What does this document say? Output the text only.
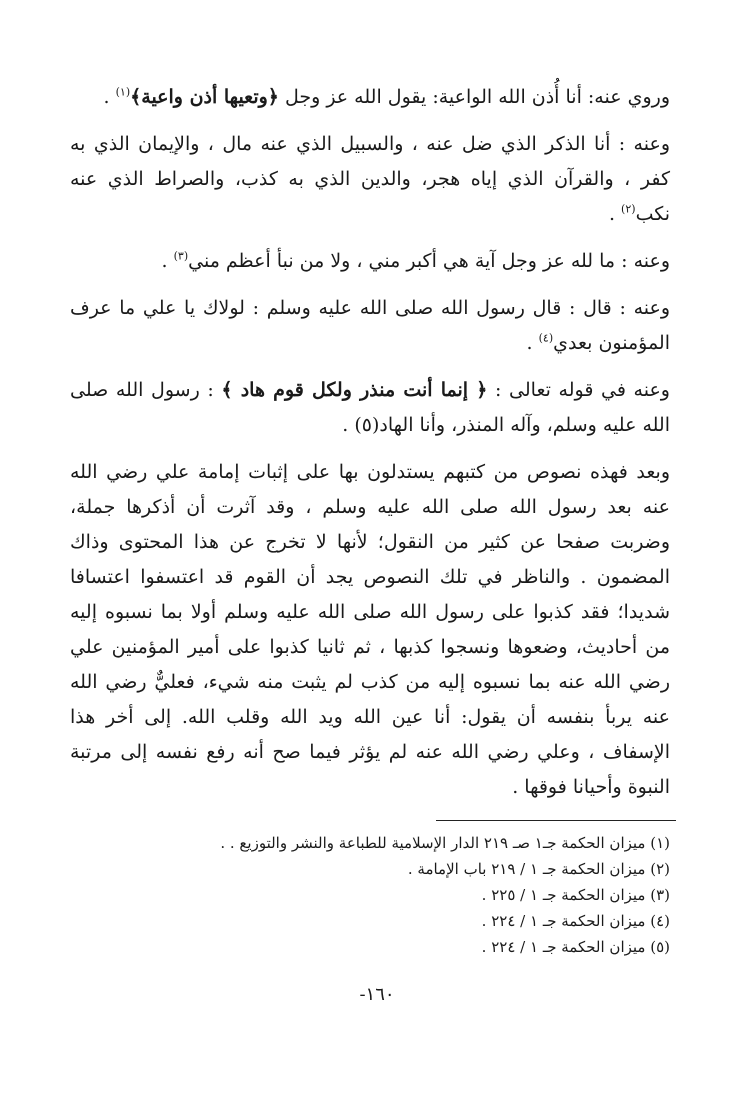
وروي عنه: أنا أُذن الله الواعية: يقول الله عز وجل ﴿وتعيها أذن واعية﴾$^{(١)}$ .

وعنه : أنا الذكر الذي ضل عنه ، والسبيل الذي عنه مال ، والإيمان الذي به كفر ، والقرآن الذي إياه هجر، والدين الذي به كذب، والصراط الذي عنه نكب$^{(٢)}$ .

وعنه : ما لله عز وجل آية هي أكبر مني ، ولا من نبأ أعظم مني$^{(٣)}$ .

وعنه : قال : قال رسول الله صلى الله عليه وسلم : لولاك يا علي ما عرف المؤمنون بعدي$^{(٤)}$ .

وعنه في قوله تعالى : ﴿ إنما أنت منذر ولكل قوم هاد ﴾ : رسول الله صلى الله عليه وسلم، وآله المنذر، وأنا الهاد(٥) .

وبعد فهذه نصوص من كتبهم يستدلون بها على إثبات إمامة علي رضي الله عنه بعد رسول الله صلى الله عليه وسلم ، وقد آثرت أن أذكرها جملة، وضربت صفحا عن كثير من النقول؛ لأنها لا تخرج عن هذا المحتوى وذاك المضمون . والناظر في تلك النصوص يجد أن القوم قد اعتسفوا اعتسافا شديدا؛ فقد كذبوا على رسول الله صلى الله عليه وسلم أولا بما نسبوه إليه من أحاديث، وضعوها ونسجوا كذبها ، ثم ثانيا كذبوا على أمير المؤمنين علي رضي الله عنه بما نسبوه إليه من كذب لم يثبت منه شيء، فعليٌّ رضي الله عنه يربأ بنفسه أن يقول: أنا عين الله ويد الله وقلب الله. إلى أخر هذا الإسفاف ، وعلي رضي الله عنه لم يؤثر فيما صح أنه رفع نفسه إلى مرتبة النبوة وأحيانا فوقها .

(١) ميزان الحكمة جـ١ صـ ٢١٩ الدار الإسلامية للطباعة والنشر والتوزيع . .
(٢) ميزان الحكمة جـ ١ / ٢١٩ باب الإمامة .
(٣) ميزان الحكمة جـ ١ / ٢٢٥ .
(٤) ميزان الحكمة جـ ١ / ٢٢٤ .
(٥) ميزان الحكمة جـ ١ / ٢٢٤ .
١٦٠-
